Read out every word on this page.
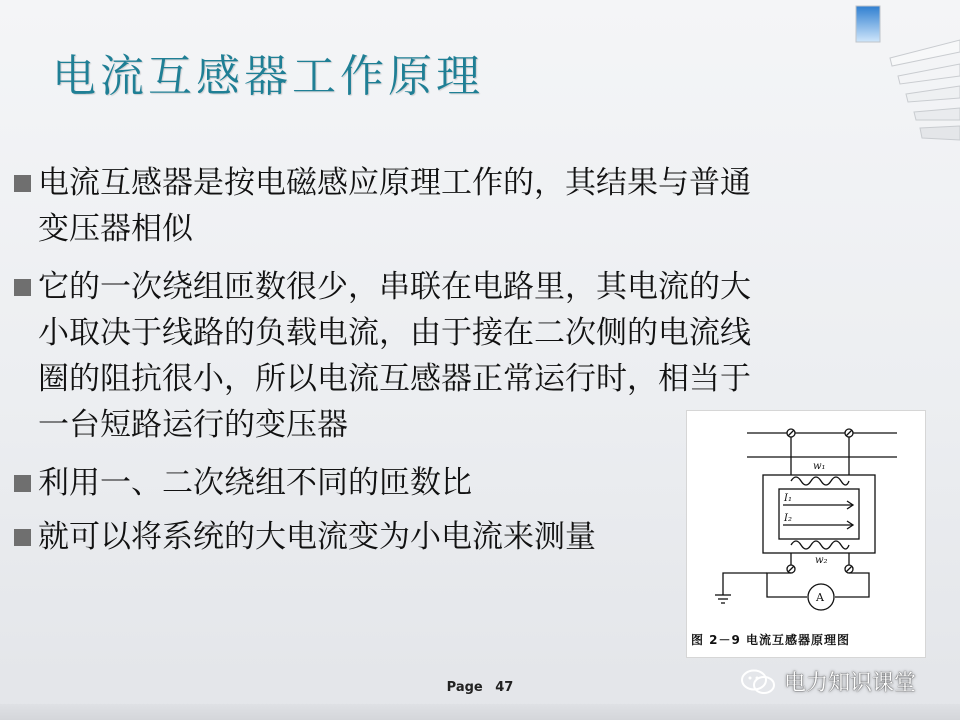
电流互感器工作原理
电流互感器是按电磁感应原理工作的，其结果与普通
变压器相似
它的一次绕组匝数很少，串联在电路里，其电流的大
小取决于线路的负载电流，由于接在二次侧的电流线
圈的阻抗很小，所以电流互感器正常运行时，相当于
一台短路运行的变压器
利用一、二次绕组不同的匝数比
就可以将系统的大电流变为小电流来测量
w₁
I₁
I₂
w₂
A
图 2－9 电流互感器原理图
电力知识课堂
Page 47
